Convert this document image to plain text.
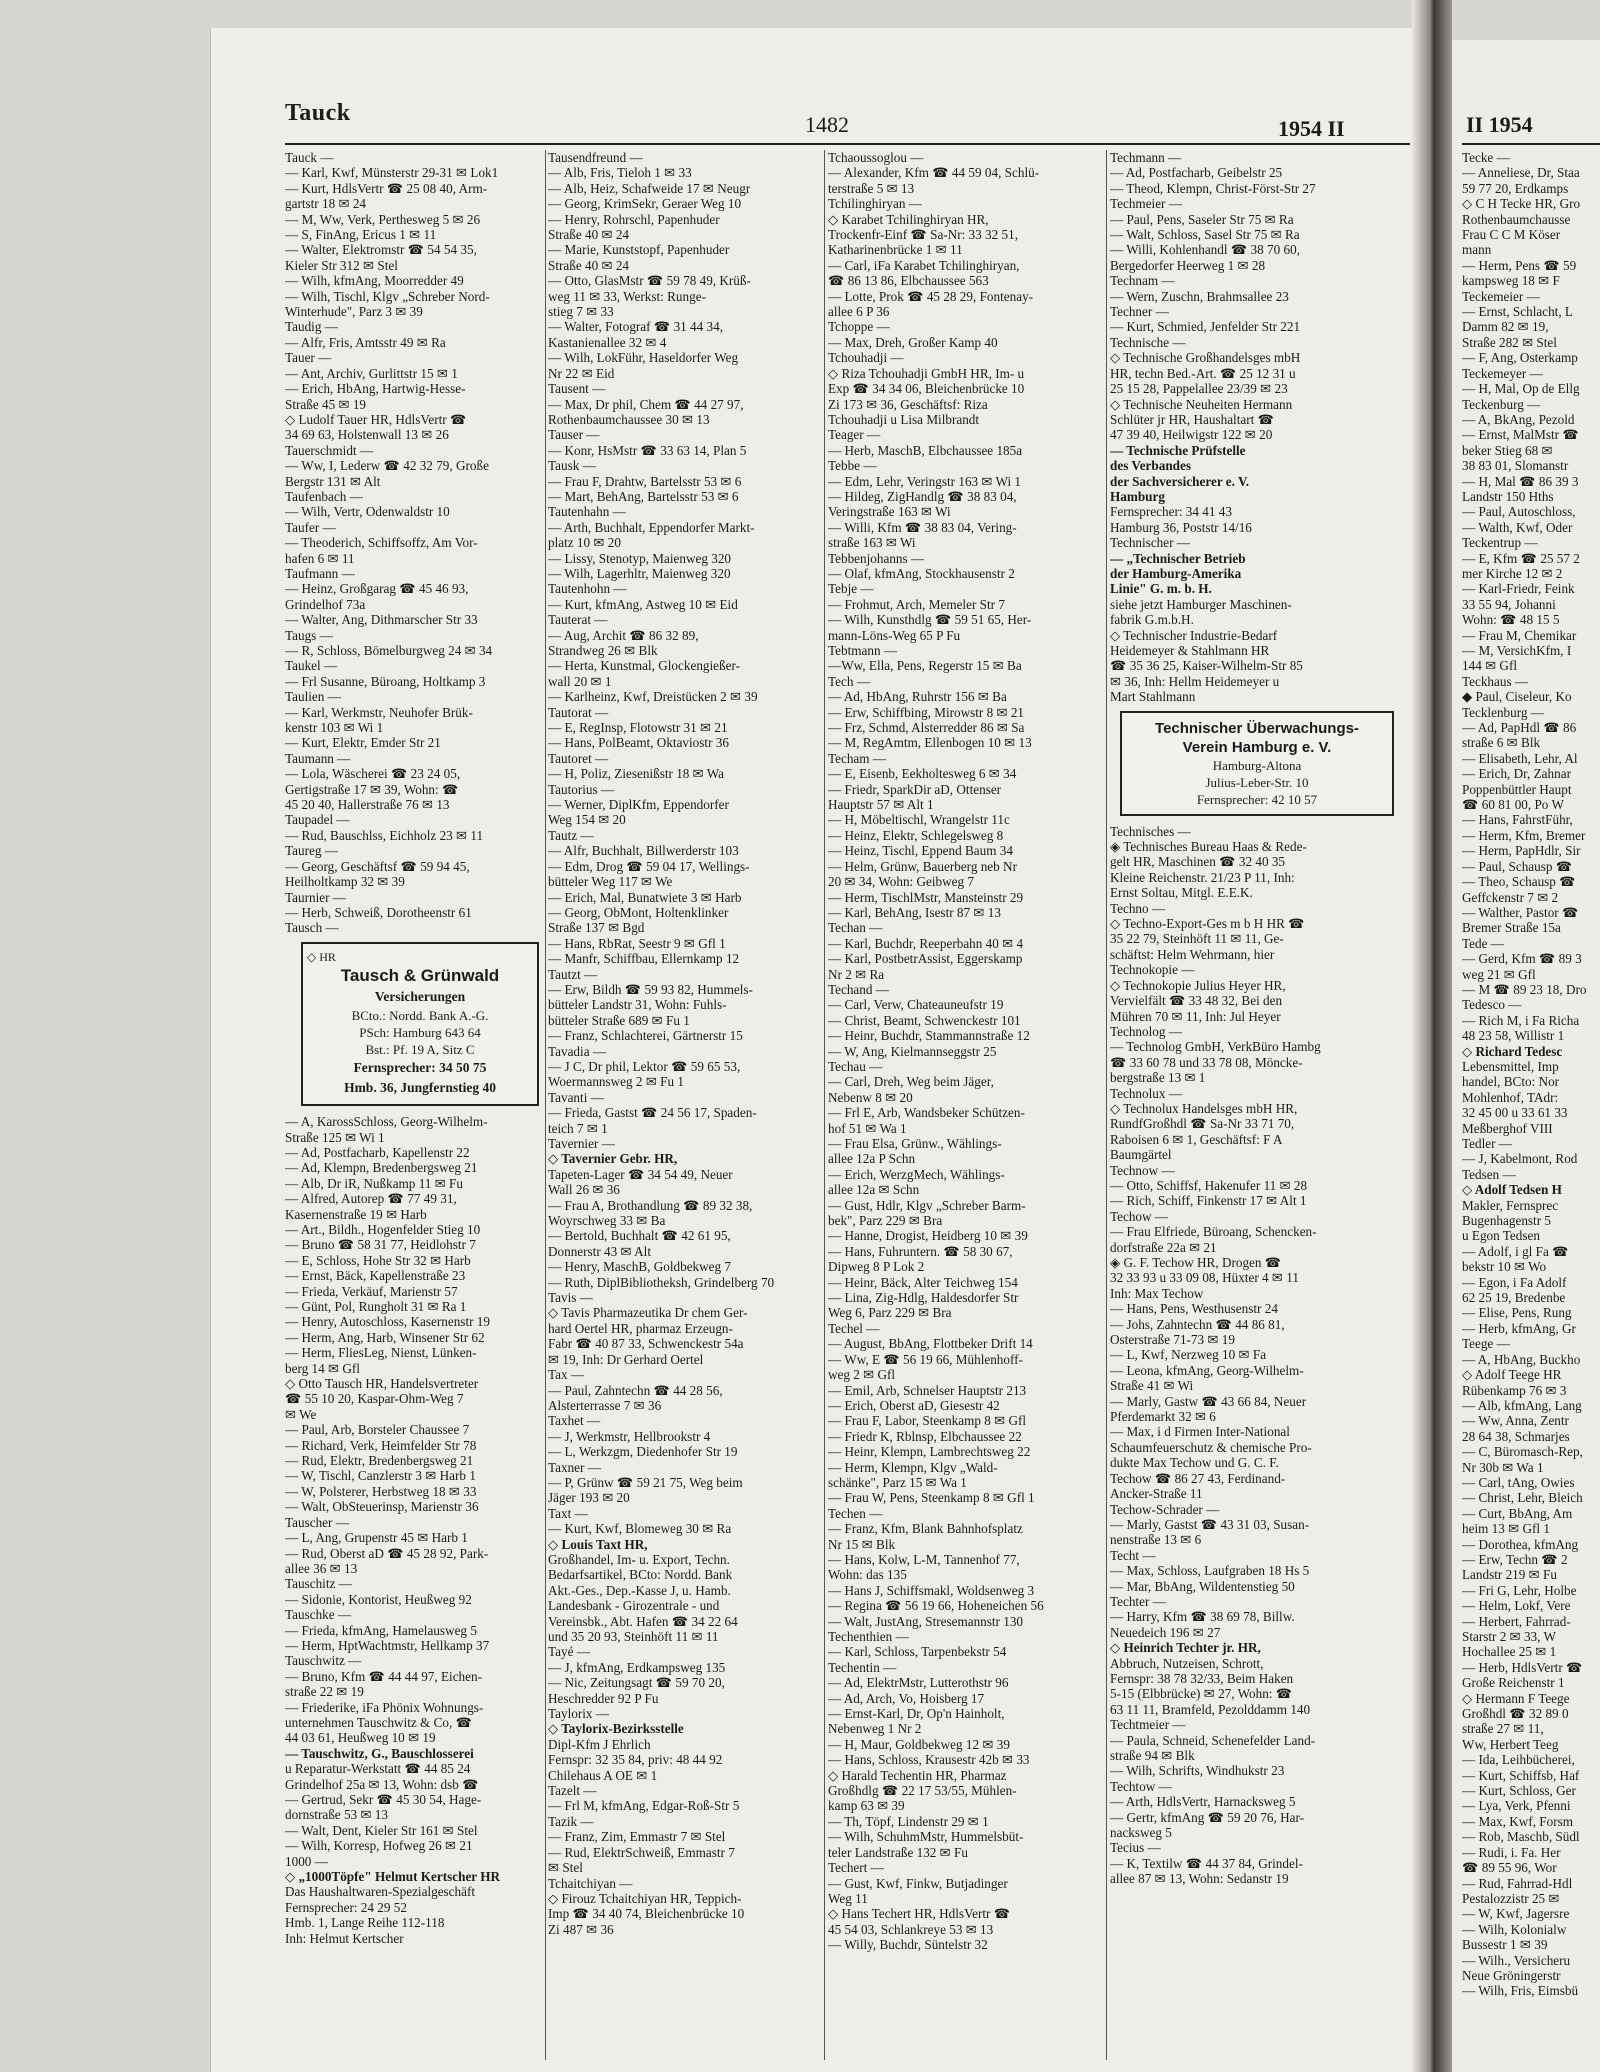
Tauck	1482	1954 II	II 1954
Tauck —
— Karl, Kwf, Münsterstr 29-31 ✉ Lok1
— Kurt, HdlsVertr ☎ 25 08 40, Arm-
gartstr 18 ✉ 24
— M, Ww, Verk, Perthesweg 5 ✉ 26
— S, FinAng, Ericus 1 ✉ 11
— Walter, Elektromstr ☎ 54 54 35,
Kieler Str 312 ✉ Stel
— Wilh, kfmAng, Moorredder 49
— Wilh, Tischl, Klgv „Schreber Nord-
Winterhude", Parz 3 ✉ 39
Taudig —
— Alfr, Fris, Amtsstr 49 ✉ Ra
Tauer —
— Ant, Archiv, Gurlittstr 15 ✉ 1
— Erich, HbAng, Hartwig-Hesse-
Straße 45 ✉ 19
◇ Ludolf Tauer HR, HdlsVertr ☎
34 69 63, Holstenwall 13 ✉ 26
Tauerschmidt —
— Ww, I, Lederw ☎ 42 32 79, Große
Bergstr 131 ✉ Alt
Taufenbach —
— Wilh, Vertr, Odenwaldstr 10
Taufer —
— Theoderich, Schiffsoffz, Am Vor-
hafen 6 ✉ 11
Taufmann —
— Heinz, Großgarag ☎ 45 46 93,
Grindelhof 73a
— Walter, Ang, Dithmarscher Str 33
Taugs —
— R, Schloss, Bömelburgweg 24 ✉ 34
Taukel —
— Frl Susanne, Büroang, Holtkamp 3
Taulien —
— Karl, Werkmstr, Neuhofer Brük-
kenstr 103 ✉ Wi 1
— Kurt, Elektr, Emder Str 21
Taumann —
— Lola, Wäscherei ☎ 23 24 05,
Gertigstraße 17 ✉ 39, Wohn: ☎
45 20 40, Hallerstraße 76 ✉ 13
Taupadel —
— Rud, Bauschlss, Eichholz 23 ✉ 11
Taureg —
— Georg, Geschäftsf ☎ 59 94 45,
Heilholtkamp 32 ✉ 39
Taurnier —
— Herb, Schweiß, Dorotheenstr 61
Tausch —
◇ HR
Tausch & Grünwald
Versicherungen
BCto.: Nordd. Bank A.-G.
PSch: Hamburg 643 64
Bst.: Pf. 19 A, Sitz C
Fernsprecher: 34 50 75
Hmb. 36, Jungfernstieg 40
— A, KarossSchloss, Georg-Wilhelm-
Straße 125 ✉ Wi 1
— Ad, Postfacharb, Kapellenstr 22
— Ad, Klempn, Bredenbergsweg 21
— Alb, Dr iR, Nußkamp 11 ✉ Fu
— Alfred, Autorep ☎ 77 49 31,
Kasernenstraße 19 ✉ Harb
— Art., Bildh., Hogenfelder Stieg 10
— Bruno ☎ 58 31 77, Heidlohstr 7
— E, Schloss, Hohe Str 32 ✉ Harb
— Ernst, Bäck, Kapellenstraße 23
— Frieda, Verkäuf, Marienstr 57
— Günt, Pol, Rungholt 31 ✉ Ra 1
— Henry, Autoschloss, Kasernenstr 19
— Herm, Ang, Harb, Winsener Str 62
— Herm, FliesLeg, Nienst, Lünken-
berg 14 ✉ Gfl
◇ Otto Tausch HR, Handelsvertreter
☎ 55 10 20, Kaspar-Ohm-Weg 7
✉ We
— Paul, Arb, Borsteler Chaussee 7
— Richard, Verk, Heimfelder Str 78
— Rud, Elektr, Bredenbergsweg 21
— W, Tischl, Canzlerstr 3 ✉ Harb 1
— W, Polsterer, Herbstweg 18 ✉ 33
— Walt, ObSteuerinsp, Marienstr 36
Tauscher —
— L, Ang, Grupenstr 45 ✉ Harb 1
— Rud, Oberst aD ☎ 45 28 92, Park-
allee 36 ✉ 13
Tauschitz —
— Sidonie, Kontorist, Heußweg 92
Tauschke —
— Frieda, kfmAng, Hamelausweg 5
— Herm, HptWachtmstr, Hellkamp 37
Tauschwitz —
— Bruno, Kfm ☎ 44 44 97, Eichen-
straße 22 ✉ 19
— Friederike, iFa Phönix Wohnungs-
unternehmen Tauschwitz & Co, ☎
44 03 61, Heußweg 10 ✉ 19
— Tauschwitz, G., Bauschlosserei
u Reparatur-Werkstatt ☎ 44 85 24
Grindelhof 25a ✉ 13, Wohn: dsb ☎
— Gertrud, Sekr ☎ 45 30 54, Hage-
dornstraße 53 ✉ 13
— Walt, Dent, Kieler Str 161 ✉ Stel
— Wilh, Korresp, Hofweg 26 ✉ 21
1000 —
◇ „1000Töpfe" Helmut Kertscher HR
Das Haushaltwaren-Spezialgeschäft
Fernsprecher: 24 29 52
Hmb. 1, Lange Reihe 112-118
Inh: Helmut Kertscher
Tausendfreund —
— Alb, Fris, Tieloh 1 ✉ 33
— Alb, Heiz, Schafweide 17 ✉ Neugr
— Georg, KrimSekr, Geraer Weg 10
— Henry, Rohrschl, Papenhuder
Straße 40 ✉ 24
— Marie, Kunststopf, Papenhuder
Straße 40 ✉ 24
— Otto, GlasMstr ☎ 59 78 49, Krüß-
weg 11 ✉ 33, Werkst: Runge-
stieg 7 ✉ 33
— Walter, Fotograf ☎ 31 44 34,
Kastanienallee 32 ✉ 4
— Wilh, LokFühr, Haseldorfer Weg
Nr 22 ✉ Eid
Tausent —
— Max, Dr phil, Chem ☎ 44 27 97,
Rothenbaumchaussee 30 ✉ 13
Tauser —
— Konr, HsMstr ☎ 33 63 14, Plan 5
Tausk —
— Frau F, Drahtw, Bartelsstr 53 ✉ 6
— Mart, BehAng, Bartelsstr 53 ✉ 6
Tautenhahn —
— Arth, Buchhalt, Eppendorfer Markt-
platz 10 ✉ 20
— Lissy, Stenotyp, Maienweg 320
— Wilh, Lagerhltr, Maienweg 320
Tautenhohn —
— Kurt, kfmAng, Astweg 10 ✉ Eid
Tauterat —
— Aug, Archit ☎ 86 32 89,
Strandweg 26 ✉ Blk
— Herta, Kunstmal, Glockengießer-
wall 20 ✉ 1
— Karlheinz, Kwf, Dreistücken 2 ✉ 39
Tautorat —
— E, RegInsp, Flotowstr 31 ✉ 21
— Hans, PolBeamt, Oktaviostr 36
Tautoret —
— H, Poliz, Ziesenißstr 18 ✉ Wa
Tautorius —
— Werner, DiplKfm, Eppendorfer
Weg 154 ✉ 20
Tautz —
— Alfr, Buchhalt, Billwerderstr 103
— Edm, Drog ☎ 59 04 17, Wellings-
bütteler Weg 117 ✉ We
— Erich, Mal, Bunatwiete 3 ✉ Harb
— Georg, ObMont, Holtenklinker
Straße 137 ✉ Bgd
— Hans, RbRat, Seestr 9 ✉ Gfl 1
— Manfr, Schiffbau, Ellernkamp 12
Tautzt —
— Erw, Bildh ☎ 59 93 82, Hummels-
bütteler Landstr 31, Wohn: Fuhls-
bütteler Straße 689 ✉ Fu 1
— Franz, Schlachterei, Gärtnerstr 15
Tavadia —
— J C, Dr phil, Lektor ☎ 59 65 53,
Woermannsweg 2 ✉ Fu 1
Tavanti —
— Frieda, Gastst ☎ 24 56 17, Spaden-
teich 7 ✉ 1
Tavernier —
◇ Tavernier Gebr. HR,
Tapeten-Lager ☎ 34 54 49, Neuer
Wall 26 ✉ 36
— Frau A, Brothandlung ☎ 89 32 38,
Woyrschweg 33 ✉ Ba
— Bertold, Buchhalt ☎ 42 61 95,
Donnerstr 43 ✉ Alt
— Henry, MaschB, Goldbekweg 7
— Ruth, DiplBibliotheksh, Grindelberg 70
Tavis —
◇ Tavis Pharmazeutika Dr chem Ger-
hard Oertel HR, pharmaz Erzeugn-
Fabr ☎ 40 87 33, Schwenckestr 54a
✉ 19, Inh: Dr Gerhard Oertel
Tax —
— Paul, Zahntechn ☎ 44 28 56,
Alsterterrasse 7 ✉ 36
Taxhet —
— J, Werkmstr, Hellbrookstr 4
— L, Werkzgm, Diedenhofer Str 19
Taxner —
— P, Grünw ☎ 59 21 75, Weg beim
Jäger 193 ✉ 20
Taxt —
— Kurt, Kwf, Blomeweg 30 ✉ Ra
◇ Louis Taxt HR,
Großhandel, Im- u. Export, Techn.
Bedarfsartikel, BCto: Nordd. Bank
Akt.-Ges., Dep.-Kasse J, u. Hamb.
Landesbank - Girozentrale - und
Vereinsbk., Abt. Hafen ☎ 34 22 64
und 35 20 93, Steinhöft 11 ✉ 11
Tayé —
— J, kfmAng, Erdkampsweg 135
— Nic, Zeitungsagt ☎ 59 70 20,
Heschredder 92 P Fu
Taylorix —
◇ Taylorix-Bezirksstelle
Dipl-Kfm J Ehrlich
Fernspr: 32 35 84, priv: 48 44 92
Chilehaus A OE ✉ 1
Tazelt —
— Frl M, kfmAng, Edgar-Roß-Str 5
Tazik —
— Franz, Zim, Emmastr 7 ✉ Stel
— Rud, ElektrSchweiß, Emmastr 7
✉ Stel
Tchaitchiyan —
◇ Firouz Tchaitchiyan HR, Teppich-
Imp ☎ 34 40 74, Bleichenbrücke 10
Zi 487 ✉ 36
Tchaoussoglou —
— Alexander, Kfm ☎ 44 59 04, Schlü-
terstraße 5 ✉ 13
Tchilinghiryan —
◇ Karabet Tchilinghiryan HR,
Trockenfr-Einf ☎ Sa-Nr: 33 32 51,
Katharinenbrücke 1 ✉ 11
— Carl, iFa Karabet Tchilinghiryan,
☎ 86 13 86, Elbchaussee 563
— Lotte, Prok ☎ 45 28 29, Fontenay-
allee 6 P 36
Tchoppe —
— Max, Dreh, Großer Kamp 40
Tchouhadji —
◇ Riza Tchouhadji GmbH HR, Im- u
Exp ☎ 34 34 06, Bleichenbrücke 10
Zi 173 ✉ 36, Geschäftsf: Riza
Tchouhadji u Lisa Milbrandt
Teager —
— Herb, MaschB, Elbchaussee 185a
Tebbe —
— Edm, Lehr, Veringstr 163 ✉ Wi 1
— Hildeg, ZigHandlg ☎ 38 83 04,
Veringstraße 163 ✉ Wi
— Willi, Kfm ☎ 38 83 04, Vering-
straße 163 ✉ Wi
Tebbenjohanns —
— Olaf, kfmAng, Stockhausenstr 2
Tebje —
— Frohmut, Arch, Memeler Str 7
— Wilh, Kunsthdlg ☎ 59 51 65, Her-
mann-Löns-Weg 65 P Fu
Tebtmann —
—Ww, Ella, Pens, Regerstr 15 ✉ Ba
Tech —
— Ad, HbAng, Ruhrstr 156 ✉ Ba
— Erw, Schiffbing, Mirowstr 8 ✉ 21
— Frz, Schmd, Alsterredder 86 ✉ Sa
— M, RegAmtm, Ellenbogen 10 ✉ 13
Techam —
— E, Eisenb, Eekholtesweg 6 ✉ 34
— Friedr, SparkDir aD, Ottenser
Hauptstr 57 ✉ Alt 1
— H, Möbeltischl, Wrangelstr 11c
— Heinz, Elektr, Schlegelsweg 8
— Heinz, Tischl, Eppend Baum 34
— Helm, Grünw, Bauerberg neb Nr
20 ✉ 34, Wohn: Geibweg 7
— Herm, TischlMstr, Mansteinstr 29
— Karl, BehAng, Isestr 87 ✉ 13
Techan —
— Karl, Buchdr, Reeperbahn 40 ✉ 4
— Karl, PostbetrAssist, Eggerskamp
Nr 2 ✉ Ra
Techand —
— Carl, Verw, Chateauneufstr 19
— Christ, Beamt, Schwenckestr 101
— Heinr, Buchdr, Stammannstraße 12
— W, Ang, Kielmannseggstr 25
Techau —
— Carl, Dreh, Weg beim Jäger,
Nebenw 8 ✉ 20
— Frl E, Arb, Wandsbeker Schützen-
hof 51 ✉ Wa 1
— Frau Elsa, Grünw., Wählings-
allee 12a P Schn
— Erich, WerzgMech, Wählings-
allee 12a ✉ Schn
— Gust, Hdlr, Klgv „Schreber Barm-
bek", Parz 229 ✉ Bra
— Hanne, Drogist, Heidberg 10 ✉ 39
— Hans, Fuhruntern. ☎ 58 30 67,
Dipweg 8 P Lok 2
— Heinr, Bäck, Alter Teichweg 154
— Lina, Zig-Hdlg, Haldesdorfer Str
Weg 6, Parz 229 ✉ Bra
Techel —
— August, BbAng, Flottbeker Drift 14
— Ww, E ☎ 56 19 66, Mühlenhoff-
weg 2 ✉ Gfl
— Emil, Arb, Schnelser Hauptstr 213
— Erich, Oberst aD, Giesestr 42
— Frau F, Labor, Steenkamp 8 ✉ Gfl
— Friedr K, Rblnsp, Elbchaussee 22
— Heinr, Klempn, Lambrechtsweg 22
— Herm, Klempn, Klgv „Wald-
schänke", Parz 15 ✉ Wa 1
— Frau W, Pens, Steenkamp 8 ✉ Gfl 1
Techen —
— Franz, Kfm, Blank Bahnhofsplatz
Nr 15 ✉ Blk
— Hans, Kolw, L-M, Tannenhof 77,
Wohn: das 135
— Hans J, Schiffsmakl, Woldsenweg 3
— Regina ☎ 56 19 66, Hoheneichen 56
— Walt, JustAng, Stresemannstr 130
Techenthien —
— Karl, Schloss, Tarpenbekstr 54
Techentin —
— Ad, ElektrMstr, Lutterothstr 96
— Ad, Arch, Vo, Hoisberg 17
— Ernst-Karl, Dr, Op'n Hainholt,
Nebenweg 1 Nr 2
— H, Maur, Goldbekweg 12 ✉ 39
— Hans, Schloss, Krausestr 42b ✉ 33
◇ Harald Techentin HR, Pharmaz
Großhdlg ☎ 22 17 53/55, Mühlen-
kamp 63 ✉ 39
— Th, Töpf, Lindenstr 29 ✉ 1
— Wilh, SchuhmMstr, Hummelsbüt-
teler Landstraße 132 ✉ Fu
Techert —
— Gust, Kwf, Finkw, Butjadinger
Weg 11
◇ Hans Techert HR, HdlsVertr ☎
45 54 03, Schlankreye 53 ✉ 13
— Willy, Buchdr, Süntelstr 32
Techmann —
— Ad, Postfacharb, Geibelstr 25
— Theod, Klempn, Christ-Först-Str 27
Techmeier —
— Paul, Pens, Saseler Str 75 ✉ Ra
— Walt, Schloss, Sasel Str 75 ✉ Ra
— Willi, Kohlenhandl ☎ 38 70 60,
Bergedorfer Heerweg 1 ✉ 28
Technam —
— Wern, Zuschn, Brahmsallee 23
Techner —
— Kurt, Schmied, Jenfelder Str 221
Technische —
◇ Technische Großhandelsges mbH
HR, techn Bed.-Art. ☎ 25 12 31 u
25 15 28, Pappelallee 23/39 ✉ 23
◇ Technische Neuheiten Hermann
Schlüter jr HR, Haushaltart ☎
47 39 40, Heilwigstr 122 ✉ 20
— Technische Prüfstelle
des Verbandes
der Sachversicherer e. V.
Hamburg
Fernsprecher: 34 41 43
Hamburg 36, Poststr 14/16
Technischer —
— „Technischer Betrieb
der Hamburg-Amerika
Linie" G. m. b. H.
siehe jetzt Hamburger Maschinen-
fabrik G.m.b.H.
◇ Technischer Industrie-Bedarf
Heidemeyer & Stahlmann HR
☎ 35 36 25, Kaiser-Wilhelm-Str 85
✉ 36, Inh: Hellm Heidemeyer u
Mart Stahlmann
Technischer Überwachungs-
Verein Hamburg e. V.
Hamburg-Altona
Julius-Leber-Str. 10
Fernsprecher: 42 10 57
Technisches —
◈ Technisches Bureau Haas & Rede-
gelt HR, Maschinen ☎ 32 40 35
Kleine Reichenstr. 21/23 P 11, Inh:
Ernst Soltau, Mitgl. E.E.K.
Techno —
◇ Techno-Export-Ges m b H HR ☎
35 22 79, Steinhöft 11 ✉ 11, Ge-
schäftst: Helm Wehrmann, hier
Technokopie —
◇ Technokopie Julius Heyer HR,
Vervielfält ☎ 33 48 32, Bei den
Mühren 70 ✉ 11, Inh: Jul Heyer
Technolog —
— Technolog GmbH, VerkBüro Hambg
☎ 33 60 78 und 33 78 08, Möncke-
bergstraße 13 ✉ 1
Technolux —
◇ Technolux Handelsges mbH HR,
RundfGroßhdl ☎ Sa-Nr 33 71 70,
Raboisen 6 ✉ 1, Geschäftsf: F A
Baumgärtel
Technow —
— Otto, Schiffsf, Hakenufer 11 ✉ 28
— Rich, Schiff, Finkenstr 17 ✉ Alt 1
Techow —
— Frau Elfriede, Büroang, Schencken-
dorfstraße 22a ✉ 21
◈ G. F. Techow HR, Drogen ☎
32 33 93 u 33 09 08, Hüxter 4 ✉ 11
Inh: Max Techow
— Hans, Pens, Westhusenstr 24
— Johs, Zahntechn ☎ 44 86 81,
Osterstraße 71-73 ✉ 19
— L, Kwf, Nerzweg 10 ✉ Fa
— Leona, kfmAng, Georg-Wilhelm-
Straße 41 ✉ Wi
— Marly, Gastw ☎ 43 66 84, Neuer
Pferdemarkt 32 ✉ 6
— Max, i d Firmen Inter-National
Schaumfeuerschutz & chemische Pro-
dukte Max Techow und G. C. F.
Techow ☎ 86 27 43, Ferdinand-
Ancker-Straße 11
Techow-Schrader —
— Marly, Gastst ☎ 43 31 03, Susan-
nenstraße 13 ✉ 6
Techt —
— Max, Schloss, Laufgraben 18 Hs 5
— Mar, BbAng, Wildentenstieg 50
Techter —
— Harry, Kfm ☎ 38 69 78, Billw.
Neuedeich 196 ✉ 27
◇ Heinrich Techter jr. HR,
Abbruch, Nutzeisen, Schrott,
Fernspr: 38 78 32/33, Beim Haken
5-15 (Elbbrücke) ✉ 27, Wohn: ☎
63 11 11, Bramfeld, Pezolddamm 140
Techtmeier —
— Paula, Schneid, Schenefelder Land-
straße 94 ✉ Blk
— Wilh, Schrifts, Windhukstr 23
Techtow —
— Arth, HdlsVertr, Harnacksweg 5
— Gertr, kfmAng ☎ 59 20 76, Har-
nacksweg 5
Tecius —
— K, Textilw ☎ 44 37 84, Grindel-
allee 87 ✉ 13, Wohn: Sedanstr 19
Tecke —
— Anneliese, Dr, Staa
59 77 20, Erdkamps
◇ C H Tecke HR, Gro
Rothenbaumchausse
Frau C C M Köser
mann
— Herm, Pens ☎ 59
kampsweg 18 ✉ F
Teckemeier —
— Ernst, Schlacht, L
Damm 82 ✉ 19,
Straße 282 ✉ Stel
— F, Ang, Osterkamp
Teckemeyer —
— H, Mal, Op de Ellg
Teckenburg —
— A, BkAng, Pezold
— Ernst, MalMstr ☎
beker Stieg 68 ✉
38 83 01, Slomanstr
— H, Mal ☎ 86 39 3
Landstr 150 Hths
— Paul, Autoschloss,
— Walth, Kwf, Oder
Teckentrup —
— E, Kfm ☎ 25 57 2
mer Kirche 12 ✉ 2
— Karl-Friedr, Feink
33 55 94, Johanni
Wohn: ☎ 48 15 5
— Frau M, Chemikar
— M, VersichKfm, I
144 ✉ Gfl
Teckhaus —
◆ Paul, Ciseleur, Ko
Tecklenburg —
— Ad, PapHdl ☎ 86
straße 6 ✉ Blk
— Elisabeth, Lehr, Al
— Erich, Dr, Zahnar
Poppenbüttler Haupt
☎ 60 81 00, Po W
— Hans, FahrstFühr,
— Herm, Kfm, Bremer
— Herm, PapHdlr, Sir
— Paul, Schausp ☎
— Theo, Schausp ☎
Geffckenstr 7 ✉ 2
— Walther, Pastor ☎
Bremer Straße 15a
Tede —
— Gerd, Kfm ☎ 89 3
weg 21 ✉ Gfl
— M ☎ 89 23 18, Dro
Tedesco —
— Rich M, i Fa Richa
48 23 58, Willistr 1
◇ Richard Tedesc
Lebensmittel, Imp
handel, BCto: Nor
Mohlenhof, TAdr:
32 45 00 u 33 61 33
Meßberghof VIII
Tedler —
— J, Kabelmont, Rod
Tedsen —
◇ Adolf Tedsen H
Makler, Fernsprec
Bugenhagenstr 5
u Egon Tedsen
— Adolf, i gl Fa ☎
bekstr 10 ✉ Wo
— Egon, i Fa Adolf
62 25 19, Bredenbe
— Elise, Pens, Rung
— Herb, kfmAng, Gr
Teege —
— A, HbAng, Buckho
◇ Adolf Teege HR
Rübenkamp 76 ✉ 3
— Alb, kfmAng, Lang
— Ww, Anna, Zentr
28 64 38, Schmarjes
— C, Büromasch-Rep,
Nr 30b ✉ Wa 1
— Carl, tAng, Owies
— Christ, Lehr, Bleich
— Curt, BbAng, Am
heim 13 ✉ Gfl 1
— Dorothea, kfmAng
— Erw, Techn ☎ 2
Landstr 219 ✉ Fu
— Fri G, Lehr, Holbe
— Helm, Lokf, Vere
— Herbert, Fahrrad-
Starstr 2 ✉ 33, W
Hochallee 25 ✉ 1
— Herb, HdlsVertr ☎
Große Reichenstr 1
◇ Hermann F Teege
Großhdl ☎ 32 89 0
straße 27 ✉ 11,
Ww, Herbert Teeg
— Ida, Leihbücherei,
— Kurt, Schiffsb, Haf
— Kurt, Schloss, Ger
— Lya, Verk, Pfenni
— Max, Kwf, Forsm
— Rob, Maschb, Südl
— Rudi, i. Fa. Her
☎ 89 55 96, Wor
— Rud, Fahrrad-Hdl
Pestalozzistr 25 ✉
— W, Kwf, Jagersre
— Wilh, Kolonialw
Bussestr 1 ✉ 39
— Wilh., Versicheru
Neue Gröningerstr
— Wilh, Fris, Eimsbü
